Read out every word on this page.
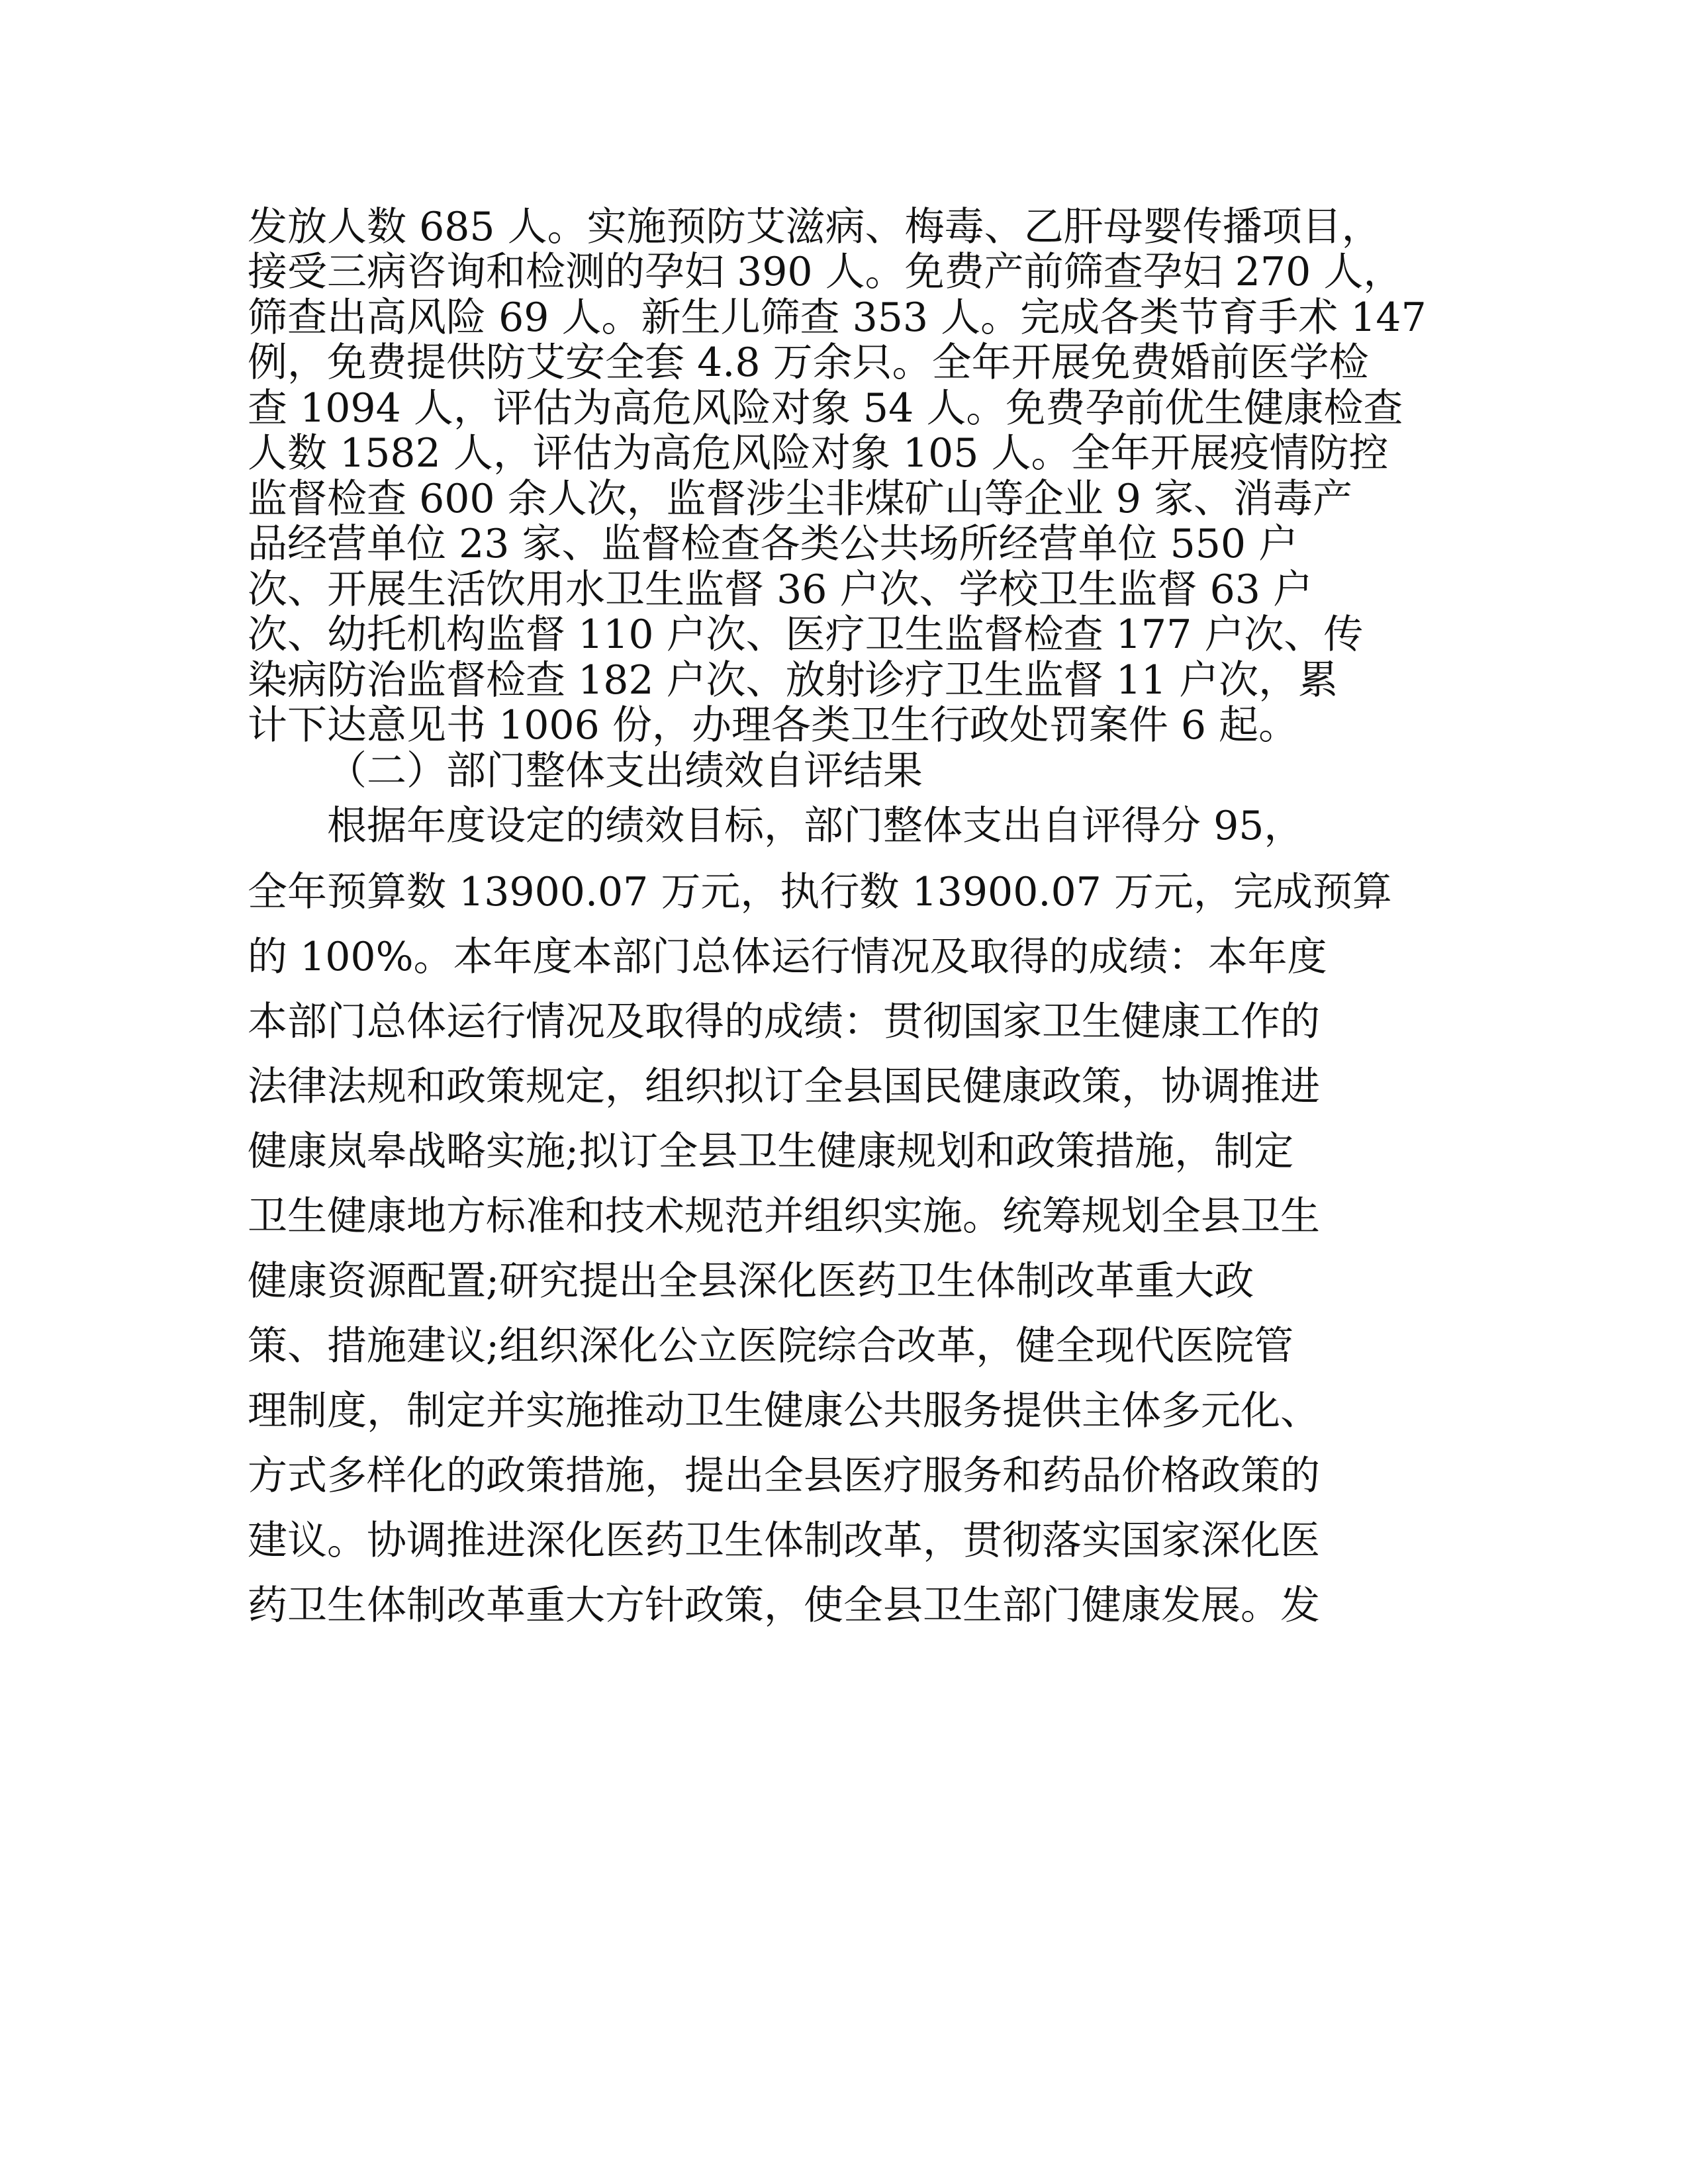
发放人数 685 人。实施预防艾滋病、梅毒、乙肝母婴传播项目，
接受三病咨询和检测的孕妇 390 人。免费产前筛查孕妇 270 人，
筛查出高风险 69 人。新生儿筛查 353 人。完成各类节育手术 147
例，免费提供防艾安全套 4.8 万余只。全年开展免费婚前医学检
查 1094 人，评估为高危风险对象 54 人。免费孕前优生健康检查
人数 1582 人，评估为高危风险对象 105 人。全年开展疫情防控
监督检查 600 余人次，监督涉尘非煤矿山等企业 9 家、消毒产
品经营单位 23 家、监督检查各类公共场所经营单位 550 户
次、开展生活饮用水卫生监督 36 户次、学校卫生监督 63 户
次、幼托机构监督 110 户次、医疗卫生监督检查 177 户次、传
染病防治监督检查 182 户次、放射诊疗卫生监督 11 户次，累
计下达意见书 1006 份，办理各类卫生行政处罚案件 6 起。
（二）部门整体支出绩效自评结果
根据年度设定的绩效目标，部门整体支出自评得分 95，
全年预算数 13900.07 万元，执行数 13900.07 万元，完成预算
的 100%。本年度本部门总体运行情况及取得的成绩：本年度
本部门总体运行情况及取得的成绩：贯彻国家卫生健康工作的
法律法规和政策规定，组织拟订全县国民健康政策，协调推进
健康岚皋战略实施;拟订全县卫生健康规划和政策措施，制定
卫生健康地方标准和技术规范并组织实施。统筹规划全县卫生
健康资源配置;研究提出全县深化医药卫生体制改革重大政
策、措施建议;组织深化公立医院综合改革，健全现代医院管
理制度，制定并实施推动卫生健康公共服务提供主体多元化、
方式多样化的政策措施，提出全县医疗服务和药品价格政策的
建议。协调推进深化医药卫生体制改革，贯彻落实国家深化医
药卫生体制改革重大方针政策，使全县卫生部门健康发展。发
